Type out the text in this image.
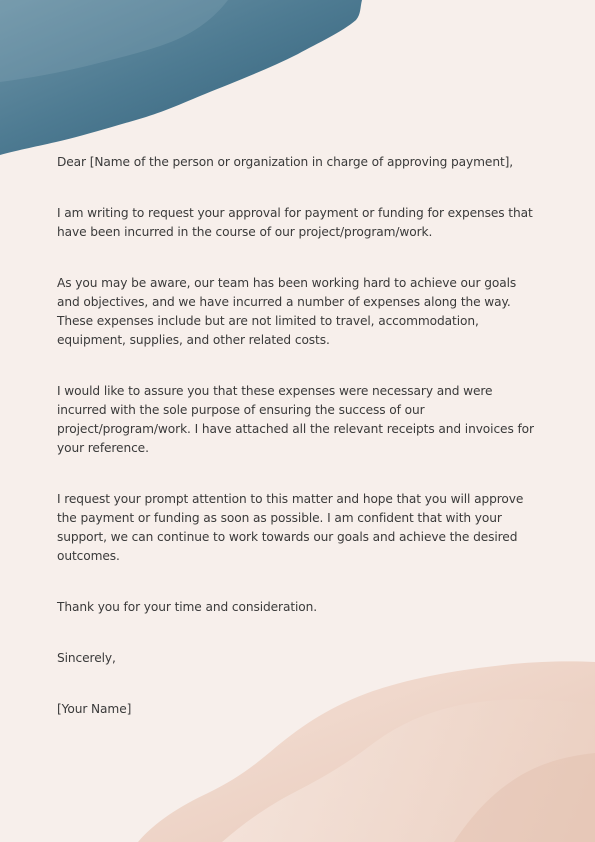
Dear [Name of the person or organization in charge of approving payment],

I am writing to request your approval for payment or funding for expenses that have been incurred in the course of our project/program/work.

As you may be aware, our team has been working hard to achieve our goals and objectives, and we have incurred a number of expenses along the way. These expenses include but are not limited to travel, accommodation, equipment, supplies, and other related costs.

I would like to assure you that these expenses were necessary and were incurred with the sole purpose of ensuring the success of our project/program/work. I have attached all the relevant receipts and invoices for your reference.

I request your prompt attention to this matter and hope that you will approve the payment or funding as soon as possible. I am confident that with your support, we can continue to work towards our goals and achieve the desired outcomes.

Thank you for your time and consideration.

Sincerely,

[Your Name]
